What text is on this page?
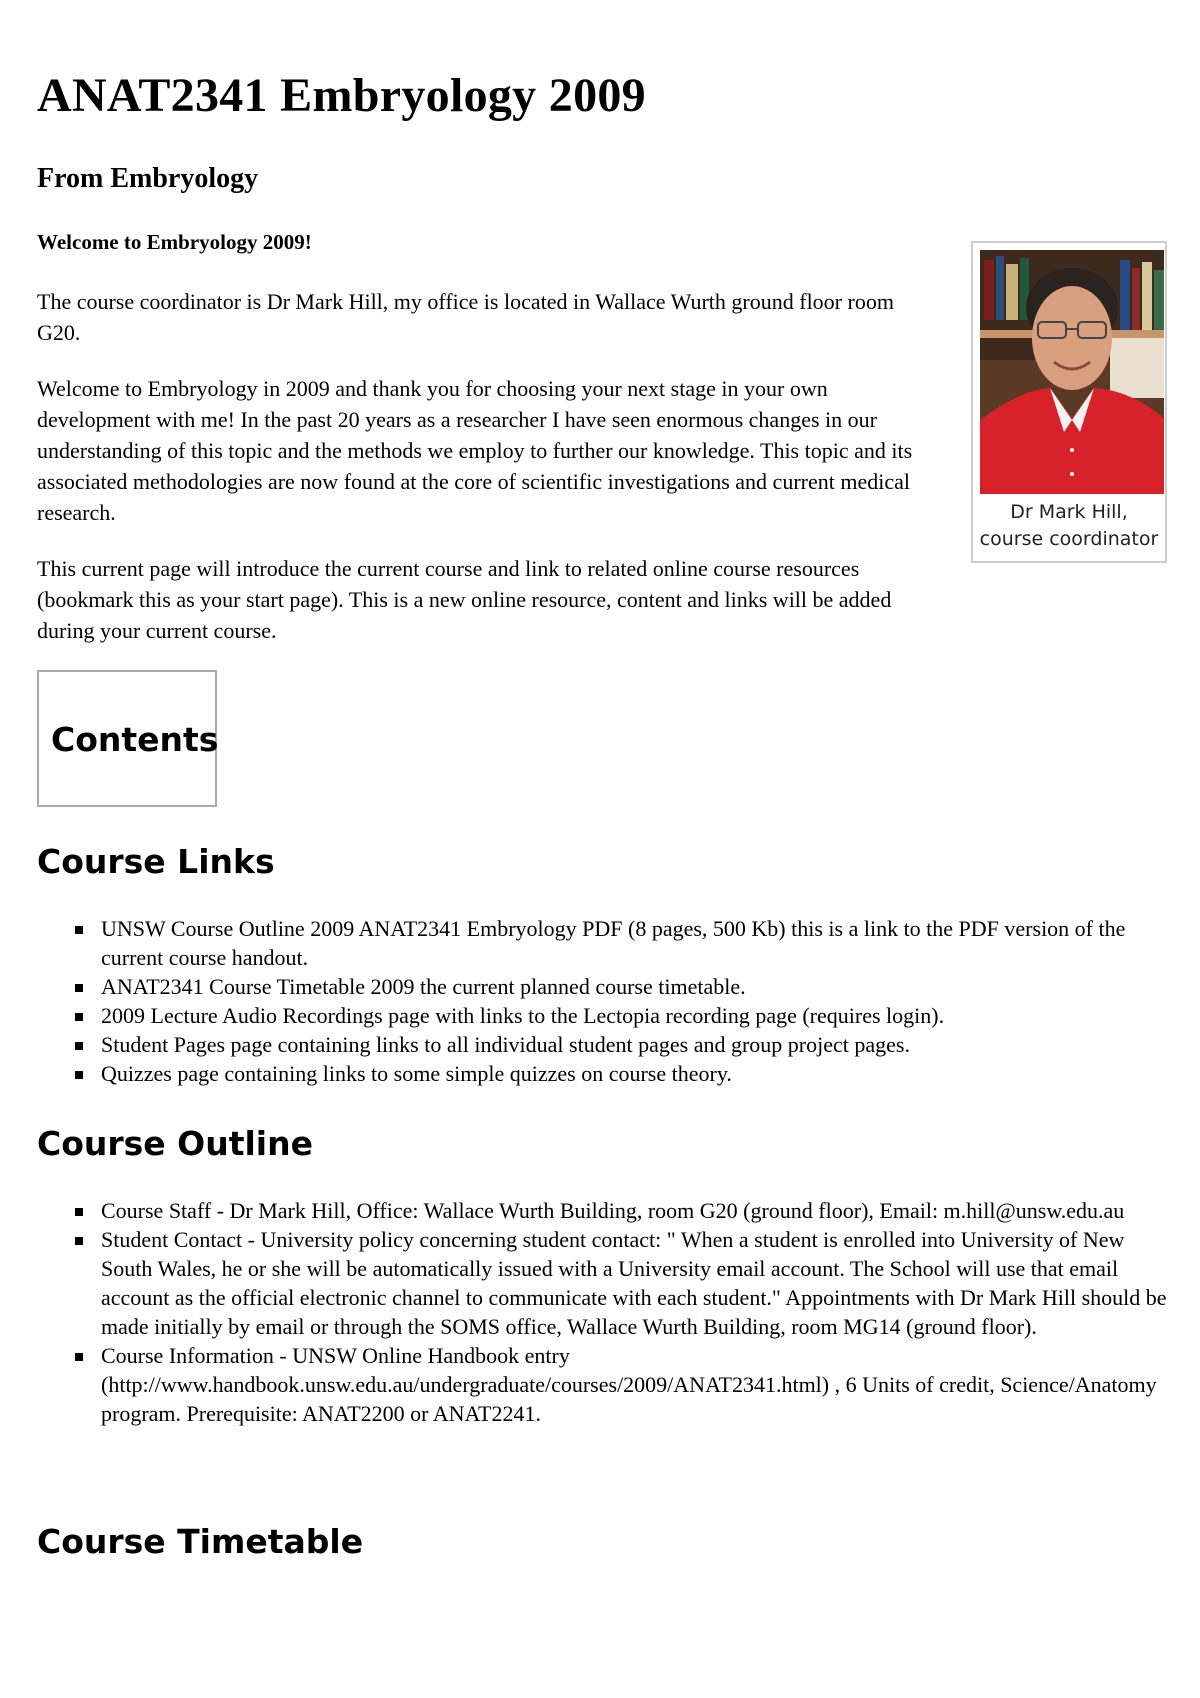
ANAT2341 Embryology 2009

From Embryology

Welcome to Embryology 2009!

The course coordinator is Dr Mark Hill, my office is located in Wallace Wurth ground floor room G20.

Welcome to Embryology in 2009 and thank you for choosing your next stage in your own development with me! In the past 20 years as a researcher I have seen enormous changes in our understanding of this topic and the methods we employ to further our knowledge. This topic and its associated methodologies are now found at the core of scientific investigations and current medical research.

This current page will introduce the current course and link to related online course resources (bookmark this as your start page). This is a new online resource, content and links will be added during your current course.

Dr Mark Hill,
course coordinator
Contents
Course Links
UNSW Course Outline 2009 ANAT2341 Embryology PDF (8 pages, 500 Kb) this is a link to the PDF version of the current course handout.
ANAT2341 Course Timetable 2009 the current planned course timetable.
2009 Lecture Audio Recordings page with links to the Lectopia recording page (requires login).
Student Pages page containing links to all individual student pages and group project pages.
Quizzes page containing links to some simple quizzes on course theory.
Course Outline
Course Staff - Dr Mark Hill, Office: Wallace Wurth Building, room G20 (ground floor), Email: m.hill@unsw.edu.au
Student Contact - University policy concerning student contact: " When a student is enrolled into University of New South Wales, he or she will be automatically issued with a University email account. The School will use that email account as the official electronic channel to communicate with each student." Appointments with Dr Mark Hill should be made initially by email or through the SOMS office, Wallace Wurth Building, room MG14 (ground floor).
Course Information - UNSW Online Handbook entry (http://www.handbook.unsw.edu.au/undergraduate/courses/2009/ANAT2341.html) , 6 Units of credit, Science/Anatomy program. Prerequisite: ANAT2200 or ANAT2241.
Course Timetable
